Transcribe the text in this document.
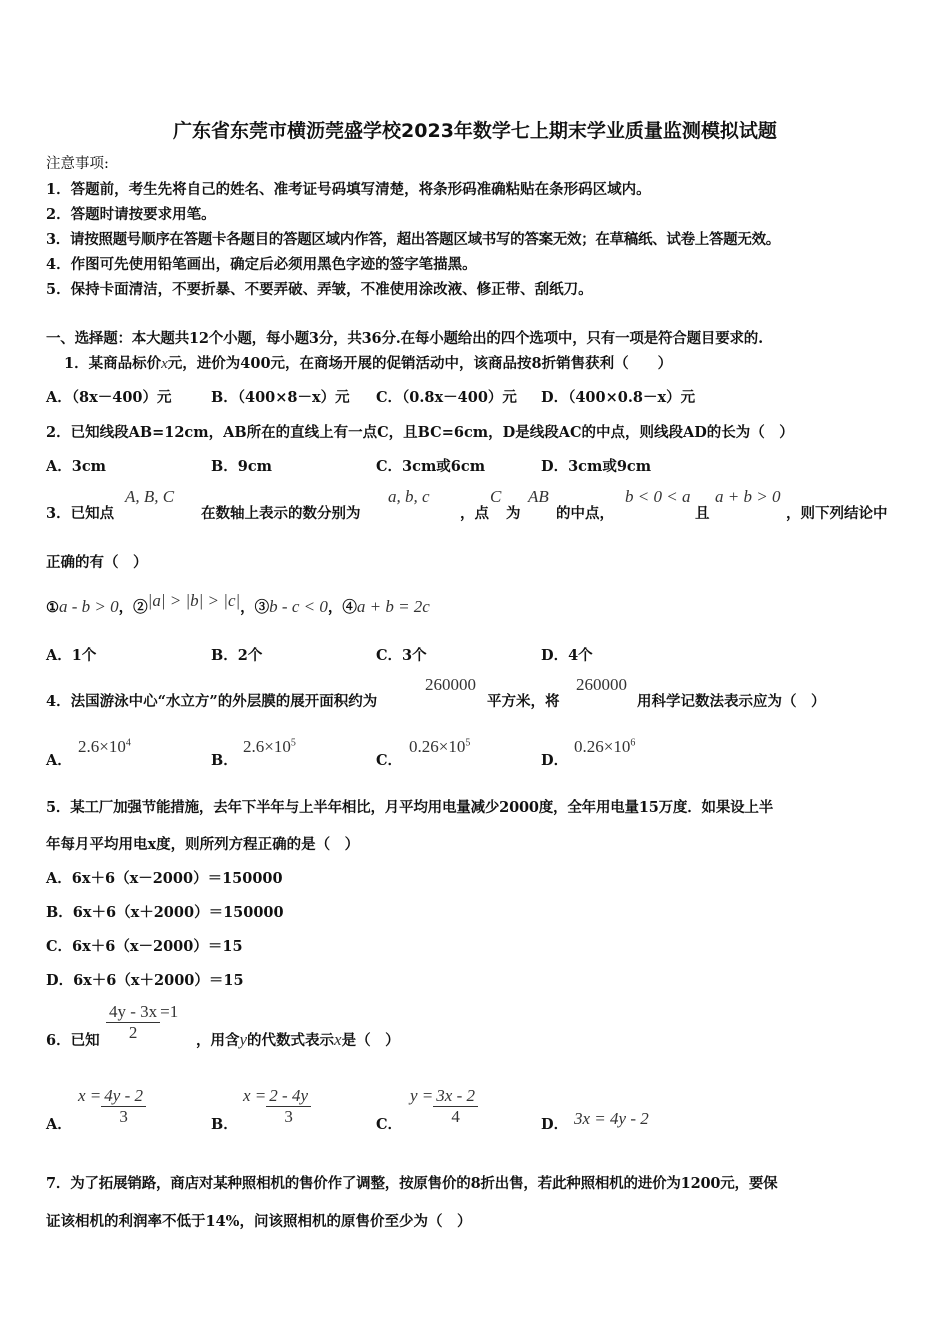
广东省东莞市横沥莞盛学校2023年数学七上期末学业质量监测模拟试题
注意事项:
1．答题前，考生先将自己的姓名、准考证号码填写清楚，将条形码准确粘贴在条形码区域内。
2．答题时请按要求用笔。
3．请按照题号顺序在答题卡各题目的答题区域内作答，超出答题区域书写的答案无效；在草稿纸、试卷上答题无效。
4．作图可先使用铅笔画出，确定后必须用黑色字迹的签字笔描黑。
5．保持卡面清洁，不要折暴、不要弄破、弄皱，不准使用涂改液、修正带、刮纸刀。
一、选择题：本大题共12个小题，每小题3分，共36分.在每小题给出的四个选项中，只有一项是符合题目要求的.
1．某商品标价x元，进价为400元，在商场开展的促销活动中，该商品按8折销售获利（　　）
A．（8x－400）元	B．（400×8－x）元 C．（0.8x－400）元 D．（400×0.8－x）元
2．已知线段AB=12cm，AB所在的直线上有一点C，且BC=6cm，D是线段AC的中点，则线段AD的长为（　）
A．3cm	B．9cm	C．3cm或6cm	D．3cm或9cm
3．已知点
A, B, C
在数轴上表示的数分别为
a, b, c
，点
C
为
AB
的中点，
b < 0 < a
且
a + b > 0
，则下列结论中
正确的有（　）
①a - b > 0，②|a| > |b| > |c|，③b - c < 0，④a + b = 2c
A．1个	B．2个	C．3个	D．4个
4．法国游泳中心“水立方”的外层膜的展开面积约为
260000
平方米，将
260000
用科学记数法表示应为（　）
A．
$2.6\times 10^4$
B．
$2.6\times 10^5$
C．
$0.26\times 10^5$
D．
$0.26\times 10^6$
5．某工厂加强节能措施，去年下半年与上半年相比，月平均用电量减少2000度，全年用电量15万度．如果设上半
年每月平均用电x度，则所列方程正确的是（　）
A．6x＋6（x－2000）＝150000
B．6x＋6（x＋2000）＝150000
C．6x＋6（x－2000）＝15
D．6x＋6（x＋2000）＝15
6．已知 $\frac{4y - 3x}{2} =1$
，用含y的代数式表示x是（　）
A．
$x = \frac{4y - 2}{3}$	B．
$x = \frac{2 - 4y}{3}$	C．
$y = \frac{3x - 2}{4}$	D． 3x = 4y - 2
7．为了拓展销路，商店对某种照相机的售价作了调整，按原售价的8折出售，若此种照相机的进价为1200元，要保
证该相机的利润率不低于14%，问该照相机的原售价至少为（　）
